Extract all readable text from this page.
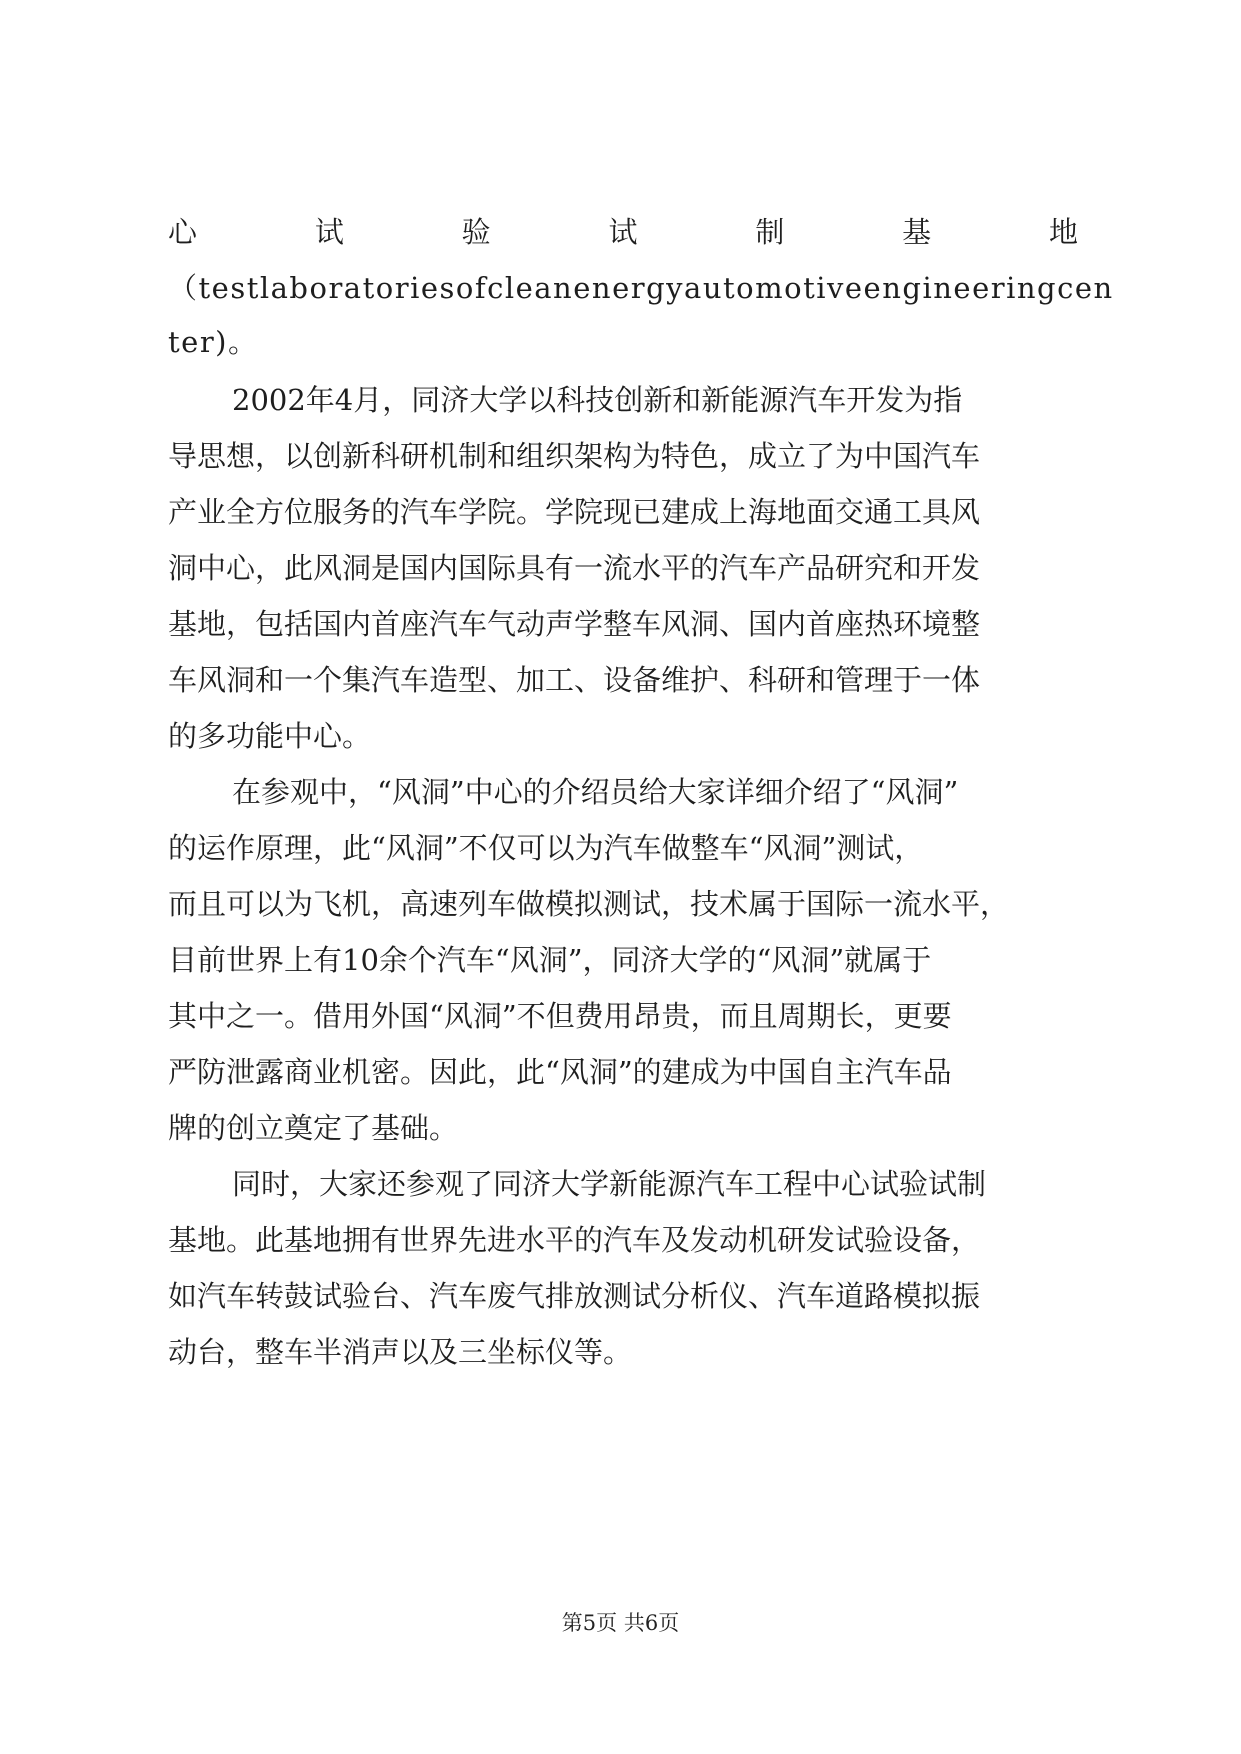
心	试	验	试	制	基	地
（testlaboratoriesofcleanenergyautomotiveengineeringcen
ter)。
2002年4月，同济大学以科技创新和新能源汽车开发为指
导思想，以创新科研机制和组织架构为特色，成立了为中国汽车
产业全方位服务的汽车学院。学院现已建成上海地面交通工具风
洞中心，此风洞是国内国际具有一流水平的汽车产品研究和开发
基地，包括国内首座汽车气动声学整车风洞、国内首座热环境整
车风洞和一个集汽车造型、加工、设备维护、科研和管理于一体
的多功能中心。
在参观中，“风洞”中心的介绍员给大家详细介绍了“风洞”
的运作原理，此“风洞”不仅可以为汽车做整车“风洞”测试，
而且可以为飞机，高速列车做模拟测试，技术属于国际一流水平，
目前世界上有10余个汽车“风洞”，同济大学的“风洞”就属于
其中之一。借用外国“风洞”不但费用昂贵，而且周期长，更要
严防泄露商业机密。因此，此“风洞”的建成为中国自主汽车品
牌的创立奠定了基础。
同时，大家还参观了同济大学新能源汽车工程中心试验试制
基地。此基地拥有世界先进水平的汽车及发动机研发试验设备，
如汽车转鼓试验台、汽车废气排放测试分析仪、汽车道路模拟振
动台，整车半消声以及三坐标仪等。
第5页 共6页
